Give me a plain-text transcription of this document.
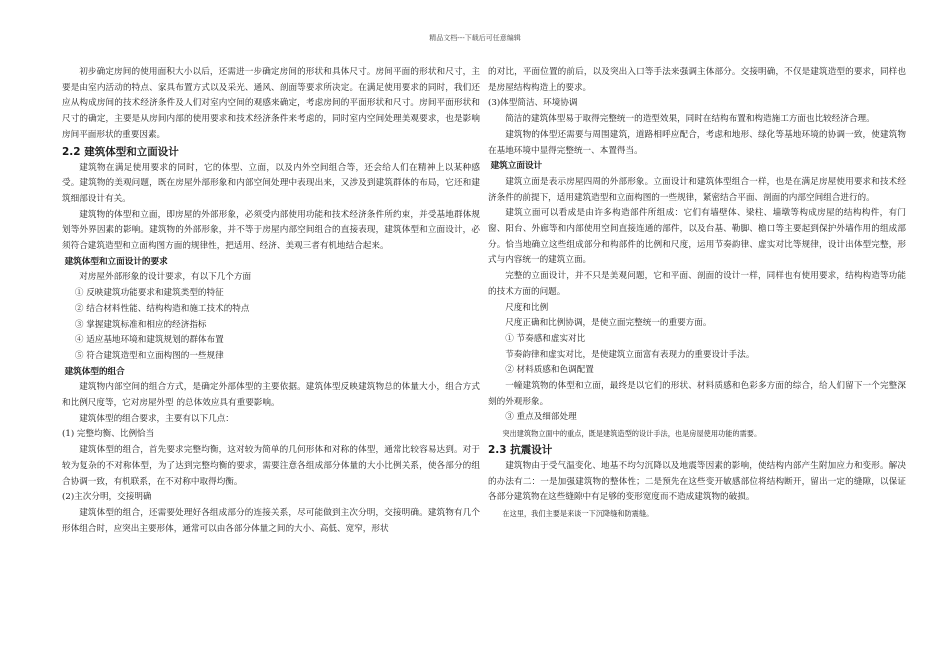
精品文档---下载后可任意编辑

初步确定房间的使用面积大小以后，还需进一步确定房间的形状和具体尺寸。房间平面的形状和尺寸，主要是由室内活动的特点、家具布置方式以及采光、通风、剖面等要求所决定。在满足使用要求的同时，我们还应从构成房间的技术经济条件及人们对室内空间的观感来确定，考虑房间的平面形状和尺寸。房间平面形状和尺寸的确定，主要是从房间内部的使用要求和技术经济条件来考虑的，同时室内空间处理美观要求，也是影响房间平面形状的重要因素。

2.2 建筑体型和立面设计

建筑物在满足使用要求的同时，它的体型、立面，以及内外空间组合等，还会给人们在精神上以某种感受。建筑物的美观问题，既在房屋外部形象和内部空间处理中表现出来，又涉及到建筑群体的布局，它还和建筑细部设计有关。

建筑物的体型和立面，即房屋的外部形象，必须受内部使用功能和技术经济条件所约束，并受基地群体规划等外界因素的影响。建筑物的外部形象，并不等于房屋内部空间组合的直接表现，建筑体型和立面设计，必须符合建筑造型和立面构图方面的规律性，把适用、经济、美观三者有机地结合起来。

建筑体型和立面设计的要求

对房屋外部形象的设计要求，有以下几个方面

① 反映建筑功能要求和建筑类型的特征

② 结合材料性能、结构构造和施工技术的特点

③ 掌握建筑标准和相应的经济指标

④ 适应基地环境和建筑规划的群体布置

⑤ 符合建筑造型和立面构图的一些规律

建筑体型的组合

建筑物内部空间的组合方式，是确定外部体型的主要依据。建筑体型反映建筑物总的体量大小，组合方式和比例尺度等，它对房屋外型 的总体效应具有重要影响。

建筑体型的组合要求，主要有以下几点：

(1) 完整均衡、比例恰当

建筑体型的组合，首先要求完整均衡，这对较为简单的几何形体和对称的体型，通常比较容易达到。对于较为复杂的不对称体型，为了达到完整均衡的要求，需要注意各组成部分体量的大小比例关系，使各部分的组合协调一致，有机联系，在不对称中取得均衡。

(2)主次分明，交接明确

建筑体型的组合，还需要处理好各组成部分的连接关系，尽可能做到主次分明，交接明确。建筑物有几个形体组合时，应突出主要形体，通常可以由各部分体量之间的大小、高低、宽窄，形状

的对比，平面位置的前后，以及突出入口等手法来强调主体部分。交接明确，不仅是建筑造型的要求，同样也是房屋结构构造上的要求。

(3)体型简洁、环境协调

简洁的建筑体型易于取得完整统一的造型效果，同时在结构布置和构造施工方面也比较经济合理。

建筑物的体型还需要与周围建筑，道路相呼应配合，考虑和地形、绿化等基地环境的协调一致，使建筑物在基地环境中显得完整统一、本置得当。

建筑立面设计

建筑立面是表示房屋四周的外部形象。立面设计和建筑体型组合一样，也是在满足房屋使用要求和技术经济条件的前提下，适用建筑造型和立面构图的一些规律，紧密结合平面、剖面的内部空间组合进行的。

建筑立面可以看成是由许多构造部件所组成：它们有墙壁体、梁柱、墙墩等构成房屋的结构构件，有门窗、阳台、外廊等和内部使用空间直接连通的部件，以及台基、勒脚、檐口等主要起到保护外墙作用的组成部分。恰当地确立这些组成部分和构部件的比例和尺度，运用节奏韵律、虚实对比等规律，设计出体型完整，形式与内容统一的建筑立面。

完整的立面设计，并不只是美观问题，它和平面、剖面的设计一样，同样也有使用要求，结构构造等功能的技术方面的问题。

尺度和比例

尺度正确和比例协调，是使立面完整统一的重要方面。

① 节奏感和虚实对比

节奏韵律和虚实对比，是使建筑立面富有表现力的重要设计手法。

② 材料质感和色调配置

一幢建筑物的体型和立面，最终是以它们的形状、材料质感和色彩多方面的综合，给人们留下一个完整深刻的外观形象。

③ 重点及细部处理

突出建筑物立面中的重点，既是建筑造型的设计手法，也是房屋使用功能的需要。

2.3 抗震设计

建筑物由于受气温变化、地基不均匀沉降以及地震等因素的影响，使结构内部产生附加应力和变形。解决的办法有二：一是加强建筑物的整体性；二是预先在这些变开敏感部位将结构断开，留出一定的缝隙，以保证各部分建筑物在这些缝隙中有足够的变形宽度而不造成建筑物的破损。

在这里，我们主要是来谈一下沉降缝和防震缝。
